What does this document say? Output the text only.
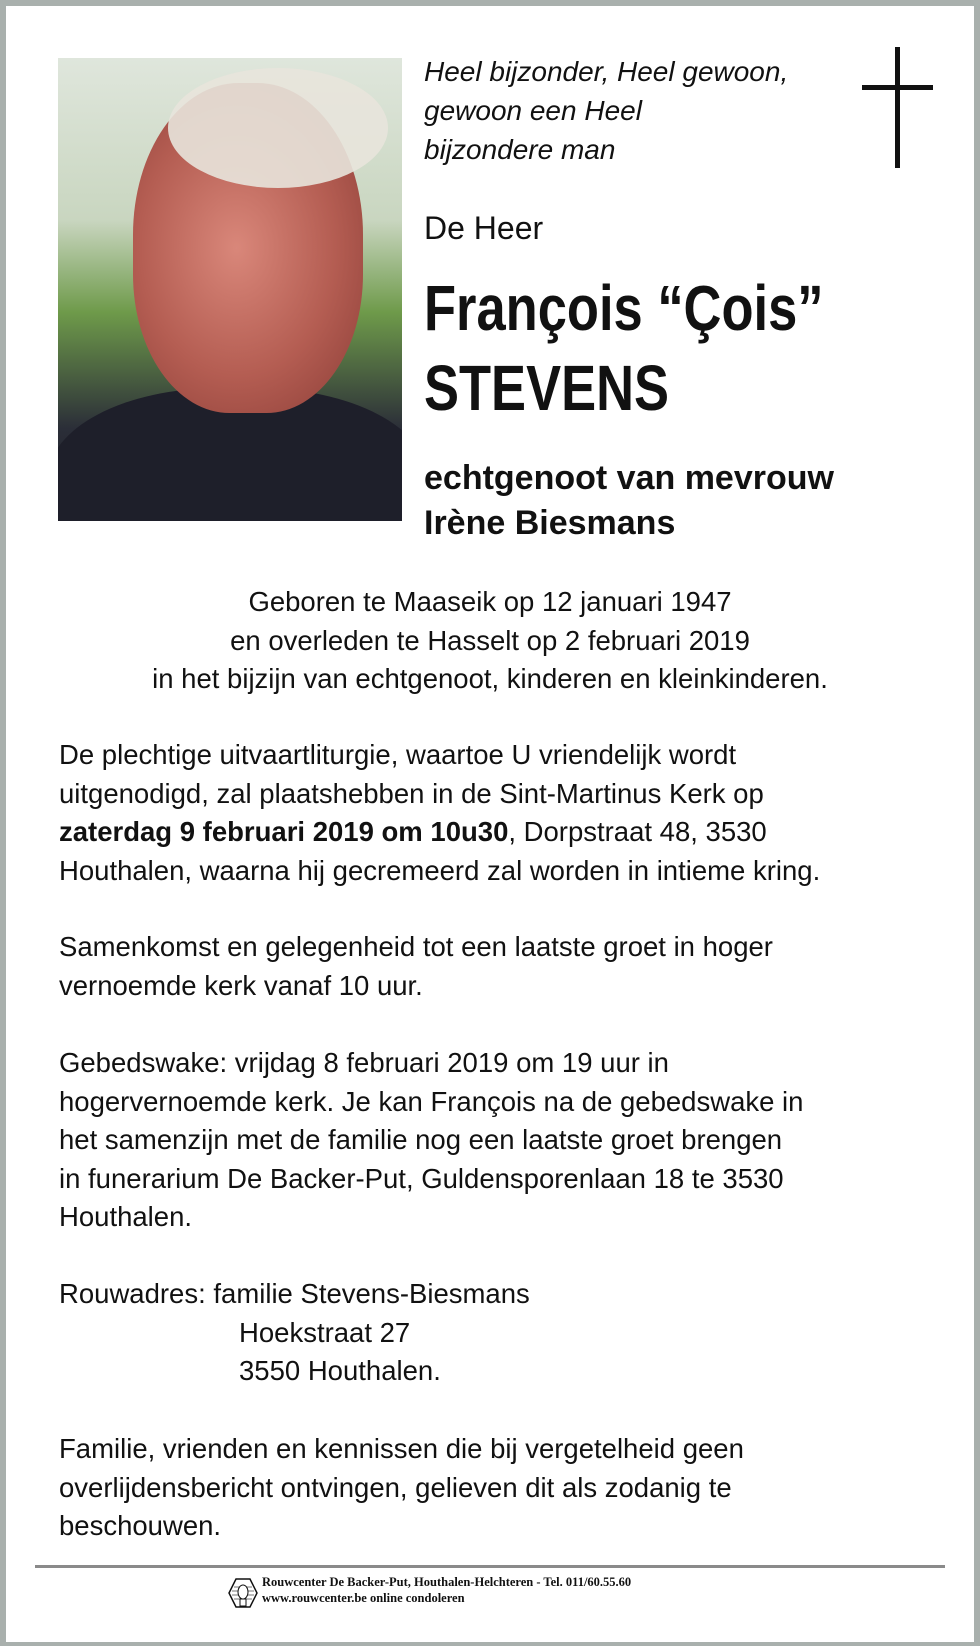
Heel bijzonder, Heel gewoon,
gewoon een Heel
bijzondere man
De Heer
François “Çois”
STEVENS
echtgenoot van mevrouw
Irène Biesmans
Geboren te Maaseik op 12 januari 1947
en overleden te Hasselt op 2 februari 2019
in het bijzijn van echtgenoot, kinderen en kleinkinderen.
De plechtige uitvaartliturgie, waartoe U vriendelijk wordt
uitgenodigd, zal plaatshebben in de Sint-Martinus Kerk op
zaterdag 9 februari 2019 om 10u30, Dorpstraat 48, 3530
Houthalen, waarna hij gecremeerd zal worden in intieme kring.
Samenkomst en gelegenheid tot een laatste groet in hoger
vernoemde kerk vanaf 10 uur.
Gebedswake: vrijdag 8 februari 2019 om 19 uur in
hogervernoemde kerk. Je kan François na de gebedswake in
het samenzijn met de familie nog een laatste groet brengen
in funerarium De Backer-Put, Guldensporenlaan 18 te 3530
Houthalen.
Rouwadres: familie Stevens-Biesmans
Hoekstraat 27
3550 Houthalen.
Familie, vrienden en kennissen die bij vergetelheid geen
overlijdensbericht ontvingen, gelieven dit als zodanig te
beschouwen.
Rouwcenter De Backer-Put, Houthalen-Helchteren - Tel. 011/60.55.60
www.rouwcenter.be online condoleren
